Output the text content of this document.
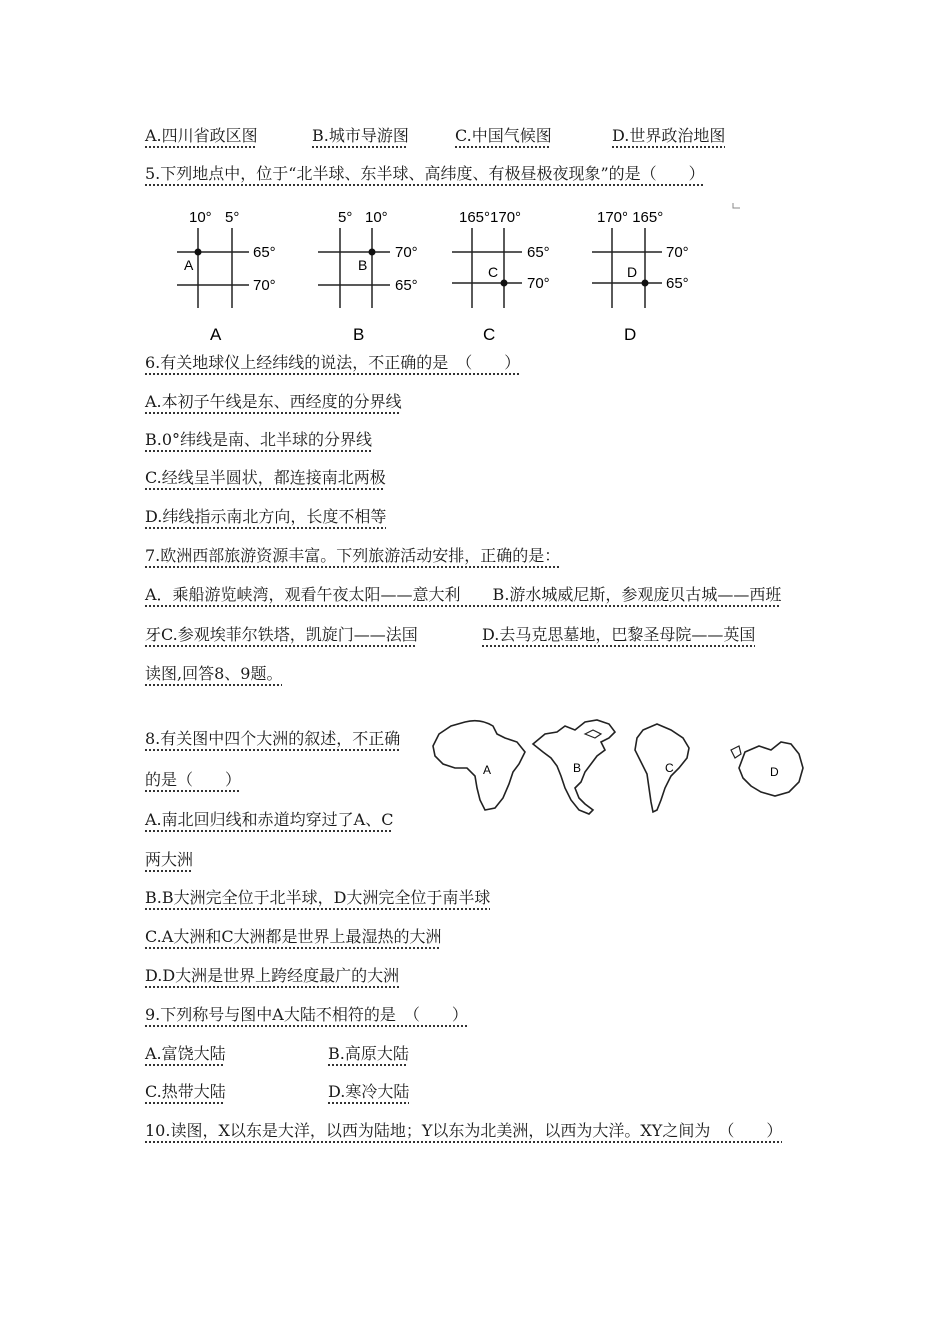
A.四川省政区图	B.城市导游图	C.中国气候图	D.世界政治地图
5.下列地点中，位于“北半球、东半球、高纬度、有极昼极夜现象”的是（　　）
10° 5°
A
65°
70°
A
5° 10°
B
70°
65°
B
165°170°
C
65°
70°
C
170° 165°
D
70°
65°
D
6.有关地球仪上经纬线的说法，不正确的是　（　　）
A.本初子午线是东、西经度的分界线
B.0°纬线是南、北半球的分界线
C.经线呈半圆状，都连接南北两极
D.纬线指示南北方向，长度不相等
7.欧洲西部旅游资源丰富。下列旅游活动安排，正确的是：
A．乘船游览峡湾，观看午夜太阳——意大利　　B.游水城威尼斯，参观庞贝古城——西班
牙C.参观埃菲尔铁塔，凯旋门——法国	D.去马克思墓地，巴黎圣母院——英国
读图,回答8、9题。
8.有关图中四个大洲的叙述，不正确
的是（　　）
A.南北回归线和赤道均穿过了A、C
两大洲
B.B大洲完全位于北半球，D大洲完全位于南半球
C.A大洲和C大洲都是世界上最湿热的大洲
D.D大洲是世界上跨经度最广的大洲
A	B	C	D
9.下列称号与图中A大陆不相符的是　（　　）
A.富饶大陆	B.高原大陆
C.热带大陆	D.寒冷大陆
10.读图，X以东是大洋，以西为陆地；Y以东为北美洲，以西为大洋。XY之间为　（　　）
